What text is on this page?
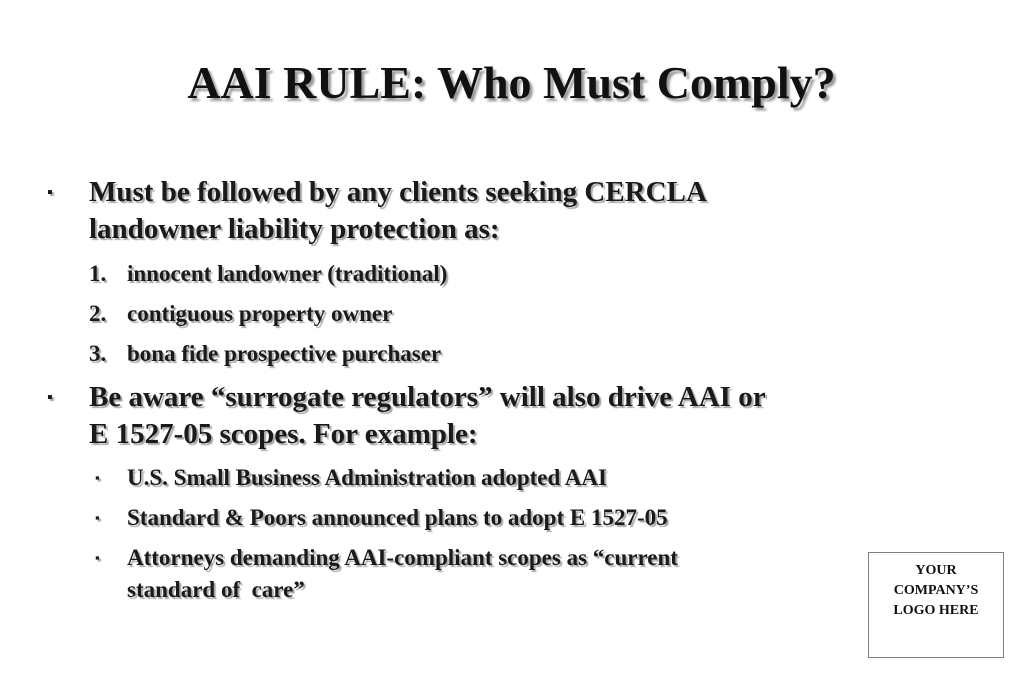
AAI RULE: Who Must Comply?
▪ Must be followed by any clients seeking CERCLA
landowner liability protection as:
1. innocent landowner (traditional)
2. contiguous property owner
3. bona fide prospective purchaser
▪ Be aware “surrogate regulators” will also drive AAI or
E 1527-05 scopes. For example:
▪ U.S. Small Business Administration adopted AAI
▪ Standard & Poors announced plans to adopt E 1527-05
▪ Attorneys demanding AAI-compliant scopes as “current
standard of  care”
YOUR
COMPANY’S
LOGO HERE
